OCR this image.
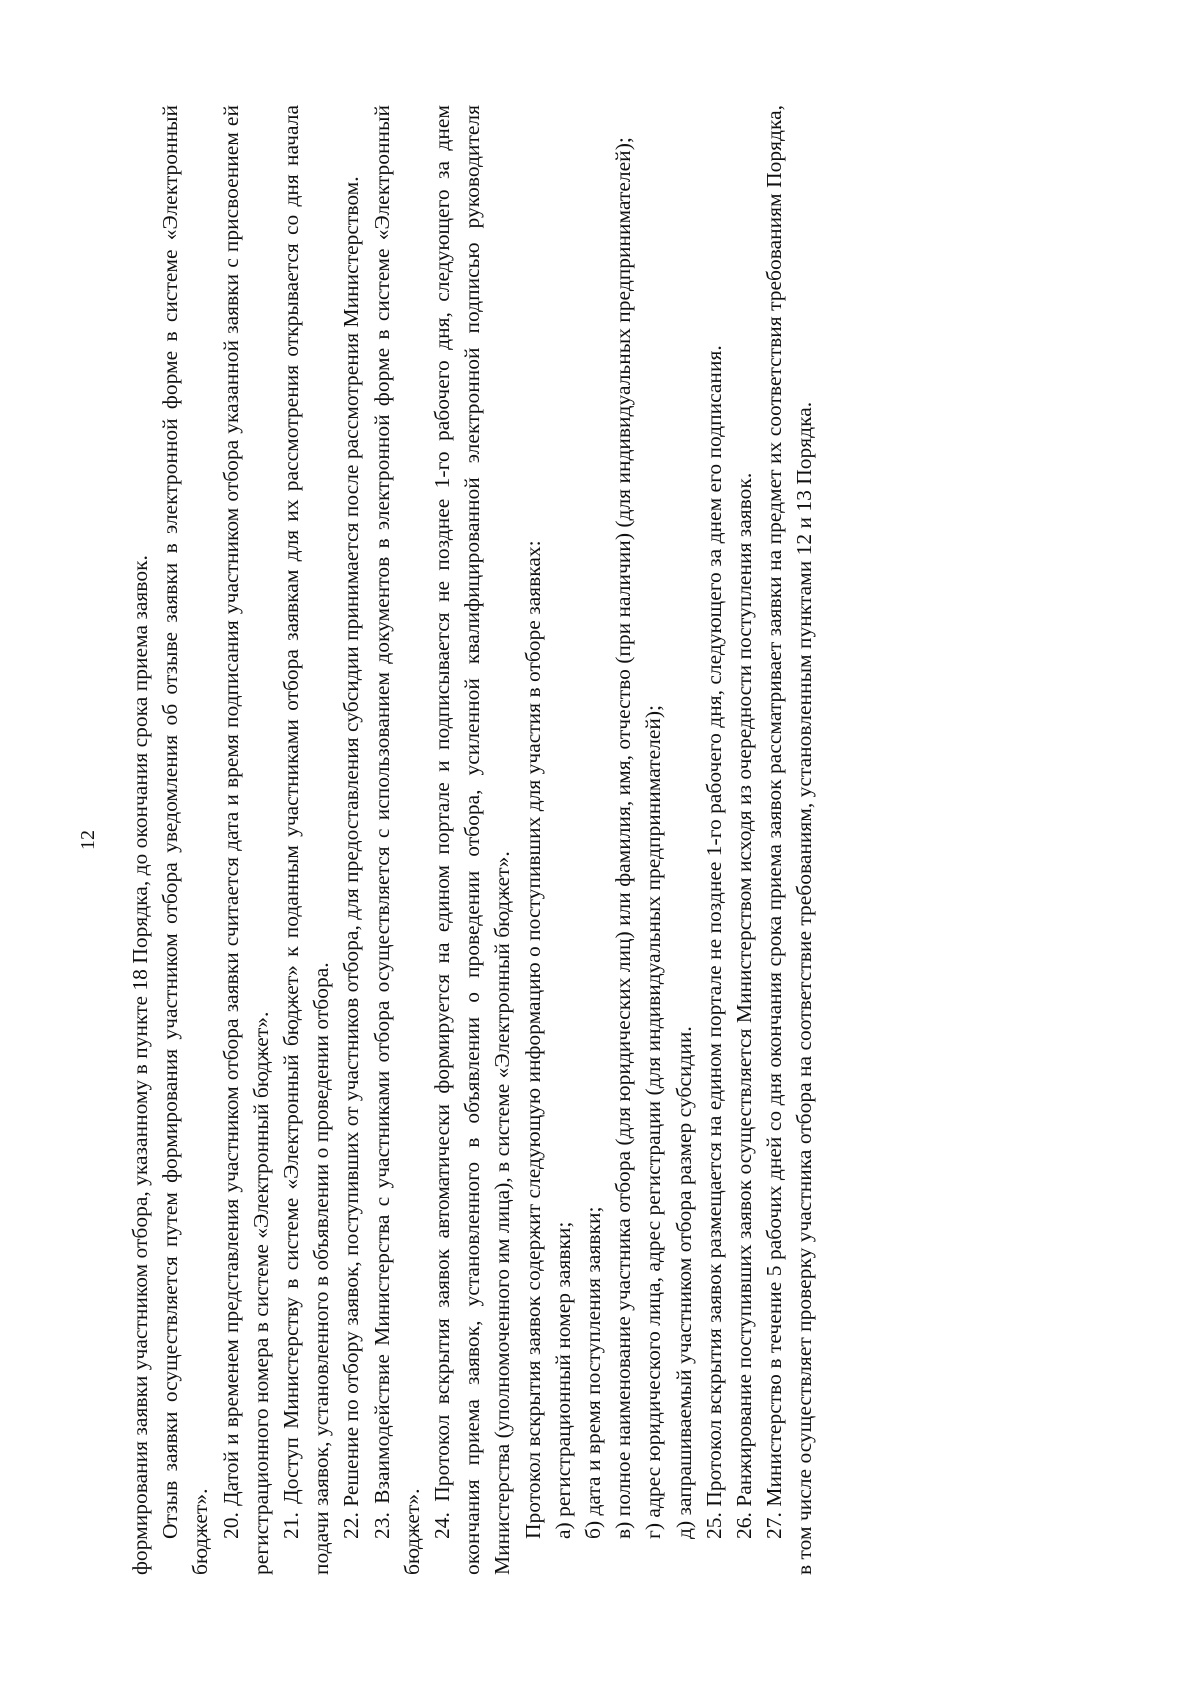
12 формирования заявки участником отбора, указанному в пункте 18 Порядка, до окончания срока приема заявок. Отзыв заявки осуществляется путем формирования участником отбора уведомления об отзыве заявки в электронной форме в системе «Электронный бюджет». 20. Датой и временем представления участником отбора заявки считается дата и время подписания участником отбора указанной заявки с присвоением ей регистрационного номера в системе «Электронный бюджет». 21. Доступ Министерству в системе «Электронный бюджет» к поданным участниками отбора заявкам для их рассмотрения открывается со дня начала подачи заявок, установленного в объявлении о проведении отбора. 22. Решение по отбору заявок, поступивших от участников отбора, для предоставления субсидии принимается после рассмотрения Министерством. 23. Взаимодействие Министерства с участниками отбора осуществляется с использованием документов в электронной форме в системе «Электронный бюджет». 24. Протокол вскрытия заявок автоматически формируется на едином портале и подписывается не позднее 1-го рабочего дня, следующего за днем окончания приема заявок, установленного в объявлении о проведении отбора, усиленной квалифицированной электронной подписью руководителя Министерства (уполномоченного им лица), в системе «Электронный бюджет». Протокол вскрытия заявок содержит следующую информацию о поступивших для участия в отборе заявках: а) регистрационный номер заявки; б) дата и время поступления заявки; в) полное наименование участника отбора (для юридических лиц) или фамилия, имя, отчество (при наличии) (для индивидуальных предпринимателей); г) адрес юридического лица, адрес регистрации (для индивидуальных предпринимателей); д) запрашиваемый участником отбора размер субсидии. 25. Протокол вскрытия заявок размещается на едином портале не позднее 1-го рабочего дня, следующего за днем его подписания. 26. Ранжирование поступивших заявок осуществляется Министерством исходя из очередности поступления заявок. 27. Министерство в течение 5 рабочих дней со дня окончания срока приема заявок рассматривает заявки на предмет их соответствия требованиям Порядка, в том числе осуществляет проверку участника отбора на соответствие требованиям, установленным пунктами 12 и 13 Порядка.
